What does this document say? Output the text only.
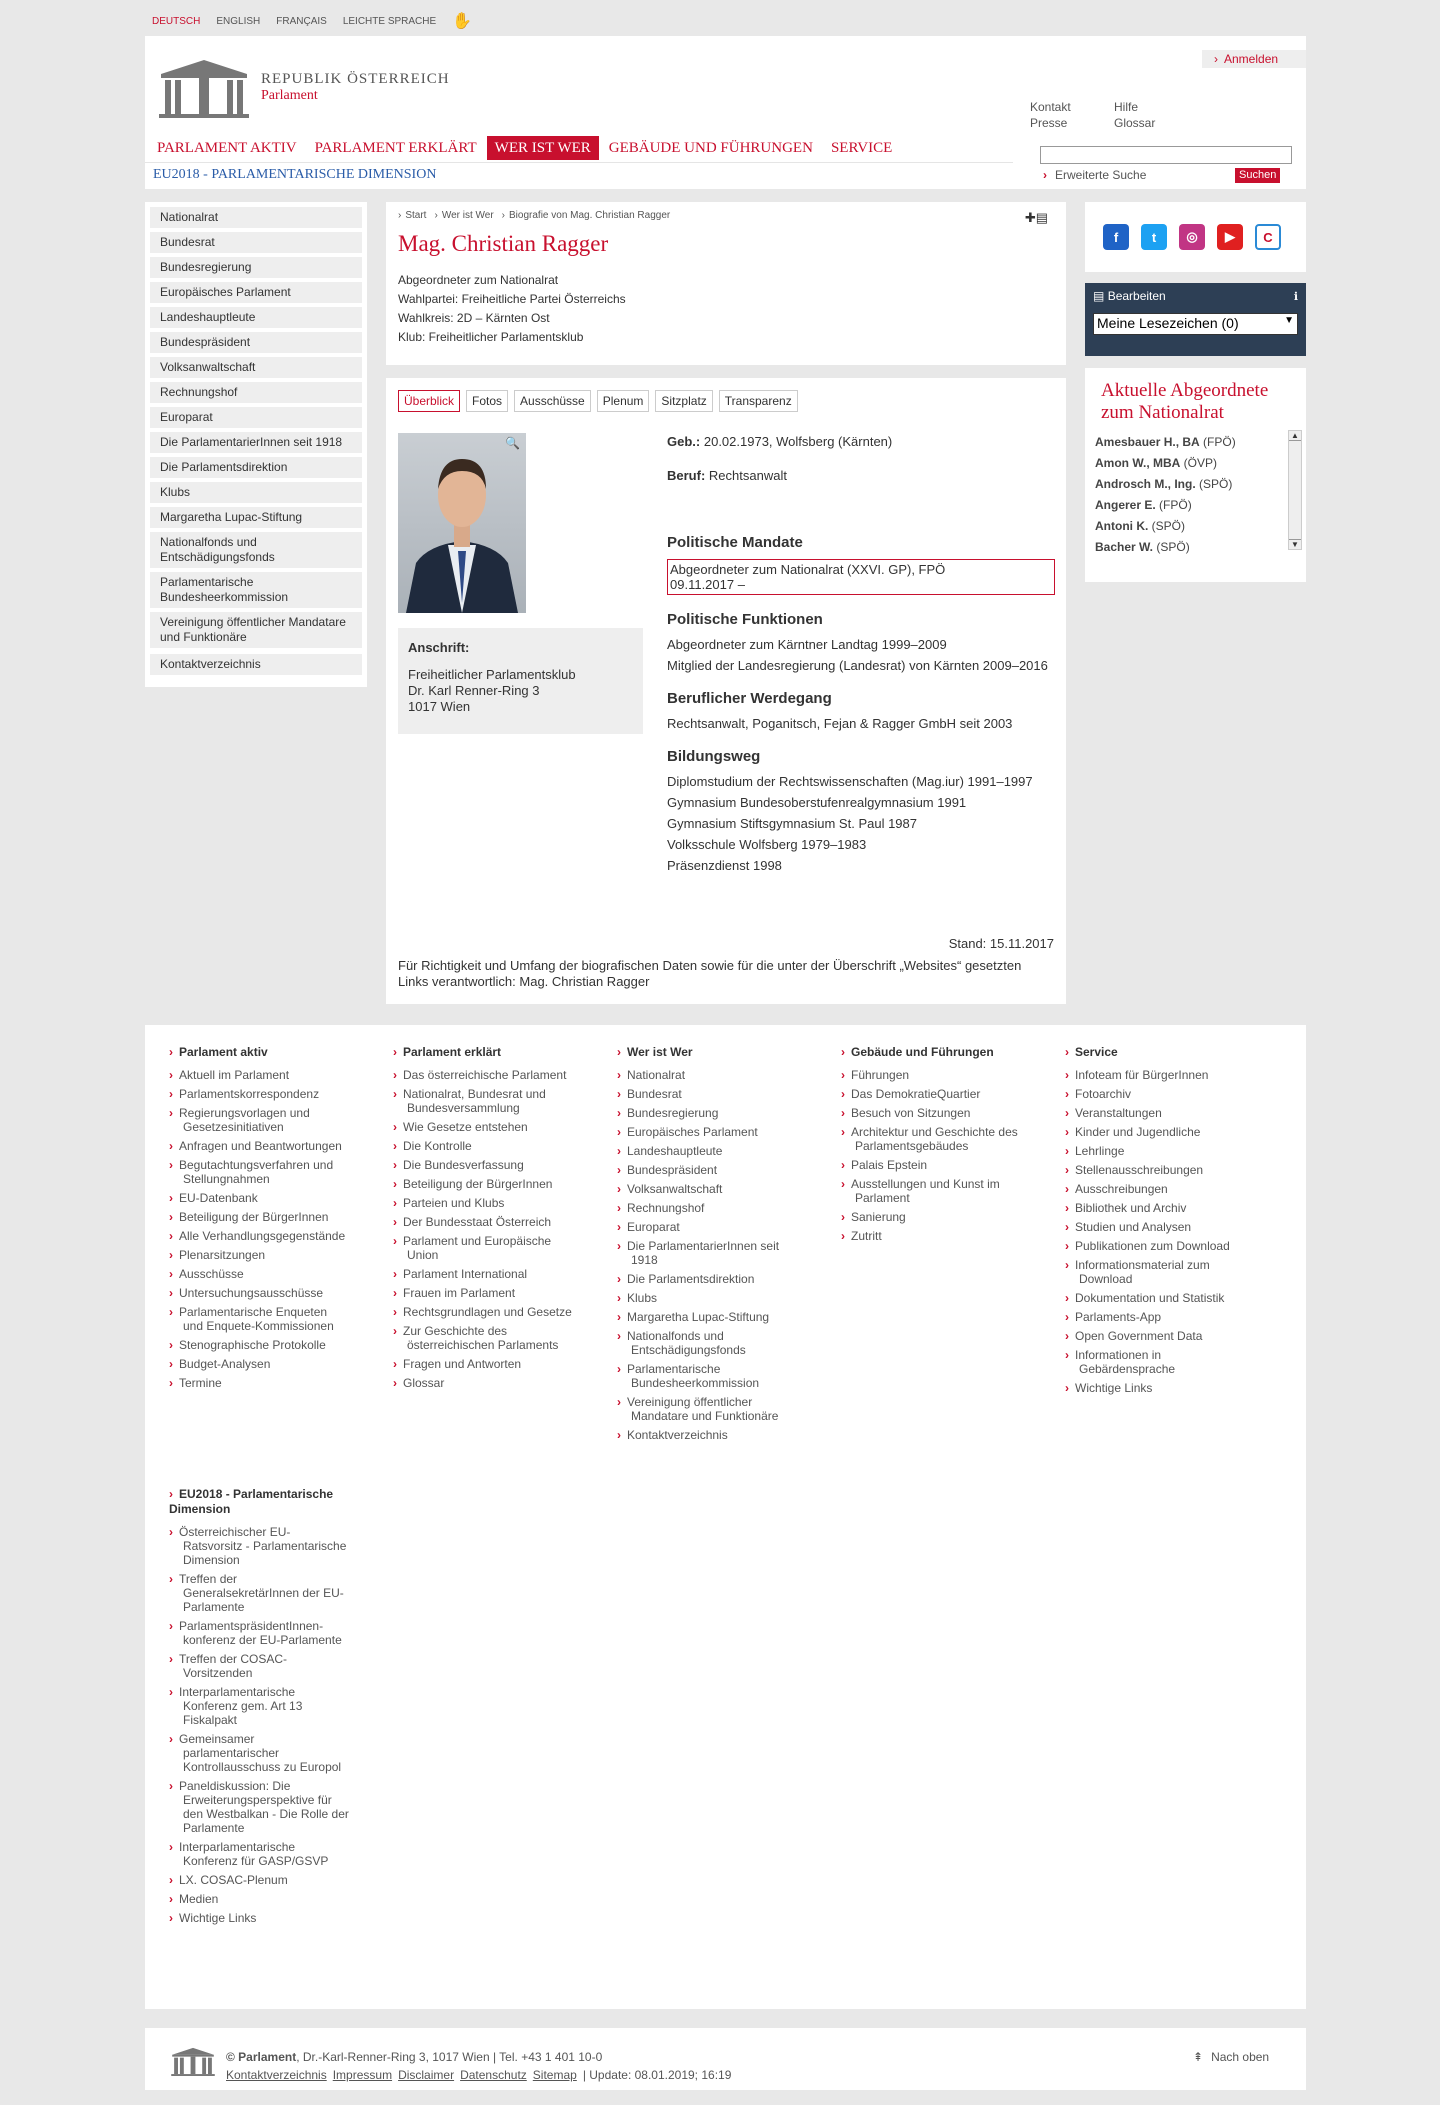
DEUTSCH ENGLISH FRANÇAIS LEICHTE SPRACHE ✋
REPUBLIK ÖSTERREICH
Parlament
› Anmelden
Kontakt	Hilfe
Presse	Glossar
› Erweiterte Suche	Suchen
PARLAMENT AKTIV	PARLAMENT ERKLÄRT	WER IST WER	GEBÄUDE UND FÜHRUNGEN	SERVICE
EU2018 - PARLAMENTARISCHE DIMENSION
Nationalrat
Bundesrat
Bundesregierung
Europäisches Parlament
Landeshauptleute
Bundespräsident
Volksanwaltschaft
Rechnungshof
Europarat
Die ParlamentarierInnen seit 1918
Die Parlamentsdirektion
Klubs
Margaretha Lupac-Stiftung
Nationalfonds und Entschädigungsfonds
Parlamentarische Bundesheerkommission
Vereinigung öffentlicher Mandatare und Funktionäre
Kontaktverzeichnis
› Start	› Wer ist Wer	› Biografie von Mag. Christian Ragger	✚▤
Mag. Christian Ragger

Abgeordneter zum Nationalrat

Wahlpartei: Freiheitliche Partei Österreichs

Wahlkreis: 2D – Kärnten Ost

Klub: Freiheitlicher Parlamentsklub

Überblick	Fotos	Ausschüsse	Plenum	Sitzplatz	Transparenz
🔍
Anschrift:
Freiheitlicher Parlamentsklub
Dr. Karl Renner-Ring 3
1017 Wien

Geb.: 20.02.1973, Wolfsberg (Kärnten)

Beruf: Rechtsanwalt

Politische Mandate
Abgeordneter zum Nationalrat (XXVI. GP), FPÖ
09.11.2017 –
Politische Funktionen

Abgeordneter zum Kärntner Landtag 1999–2009

Mitglied der Landesregierung (Landesrat) von Kärnten 2009–2016

Beruflicher Werdegang

Rechtsanwalt, Poganitsch, Fejan & Ragger GmbH seit 2003

Bildungsweg

Diplomstudium der Rechtswissenschaften (Mag.iur) 1991–1997

Gymnasium Bundesoberstufenrealgymnasium 1991

Gymnasium Stiftsgymnasium St. Paul 1987

Volksschule Wolfsberg 1979–1983

Präsenzdienst 1998

Stand: 15.11.2017
Für Richtigkeit und Umfang der biografischen Daten sowie für die unter der Überschrift „Websites“ gesetzten Links verantwortlich: Mag. Christian Ragger
f	t	◎	▶	C
▤ Bearbeiten	ℹ
Meine Lesezeichen (0)	▼
Aktuelle Abgeordnete zum Nationalrat
Amesbauer H., BA (FPÖ)
Amon W., MBA (ÖVP)
Androsch M., Ing. (SPÖ)
Angerer E. (FPÖ)
Antoni K. (SPÖ)
Bacher W. (SPÖ)
▲
▼
› Parlament aktiv
› Aktuell im Parlament
› Parlamentskorrespondenz
› Regierungsvorlagen und Gesetzesinitiativen
› Anfragen und Beantwortungen
› Begutachtungsverfahren und Stellungnahmen
› EU-Datenbank
› Beteiligung der BürgerInnen
› Alle Verhandlungsgegenstände
› Plenarsitzungen
› Ausschüsse
› Untersuchungsausschüsse
› Parlamentarische Enqueten und Enquete-Kommissionen
› Stenographische Protokolle
› Budget-Analysen
› Termine
› Parlament erklärt
› Das österreichische Parlament
› Nationalrat, Bundesrat und Bundesversammlung
› Wie Gesetze entstehen
› Die Kontrolle
› Die Bundesverfassung
› Beteiligung der BürgerInnen
› Parteien und Klubs
› Der Bundesstaat Österreich
› Parlament und Europäische Union
› Parlament International
› Frauen im Parlament
› Rechtsgrundlagen und Gesetze
› Zur Geschichte des österreichischen Parlaments
› Fragen und Antworten
› Glossar
› Wer ist Wer
› Nationalrat
› Bundesrat
› Bundesregierung
› Europäisches Parlament
› Landeshauptleute
› Bundespräsident
› Volksanwaltschaft
› Rechnungshof
› Europarat
› Die ParlamentarierInnen seit 1918
› Die Parlamentsdirektion
› Klubs
› Margaretha Lupac-Stiftung
› Nationalfonds und Entschädigungsfonds
› Parlamentarische Bundesheerkommission
› Vereinigung öffentlicher Mandatare und Funktionäre
› Kontaktverzeichnis
› Gebäude und Führungen
› Führungen
› Das DemokratieQuartier
› Besuch von Sitzungen
› Architektur und Geschichte des Parlamentsgebäudes
› Palais Epstein
› Ausstellungen und Kunst im Parlament
› Sanierung
› Zutritt
› Service
› Infoteam für BürgerInnen
› Fotoarchiv
› Veranstaltungen
› Kinder und Jugendliche
› Lehrlinge
› Stellenausschreibungen
› Ausschreibungen
› Bibliothek und Archiv
› Studien und Analysen
› Publikationen zum Download
› Informationsmaterial zum Download
› Dokumentation und Statistik
› Parlaments-App
› Open Government Data
› Informationen in Gebärdensprache
› Wichtige Links
› EU2018 - Parlamentarische Dimension
› Österreichischer EU-Ratsvorsitz - Parlamentarische Dimension
› Treffen der GeneralsekretärInnen der EU-Parlamente
› ParlamentspräsidentInnen-konferenz der EU-Parlamente
› Treffen der COSAC-Vorsitzenden
› Interparlamentarische Konferenz gem. Art 13 Fiskalpakt
› Gemeinsamer parlamentarischer Kontrollausschuss zu Europol
› Paneldiskussion: Die Erweiterungsperspektive für den Westbalkan - Die Rolle der Parlamente
› Interparlamentarische Konferenz für GASP/GSVP
› LX. COSAC-Plenum
› Medien
› Wichtige Links
© Parlament, Dr.-Karl-Renner-Ring 3, 1017 Wien | Tel. +43 1 401 10-0
Kontaktverzeichnis Impressum Disclaimer Datenschutz Sitemap | Update: 08.01.2019; 16:19
⇞ Nach oben
